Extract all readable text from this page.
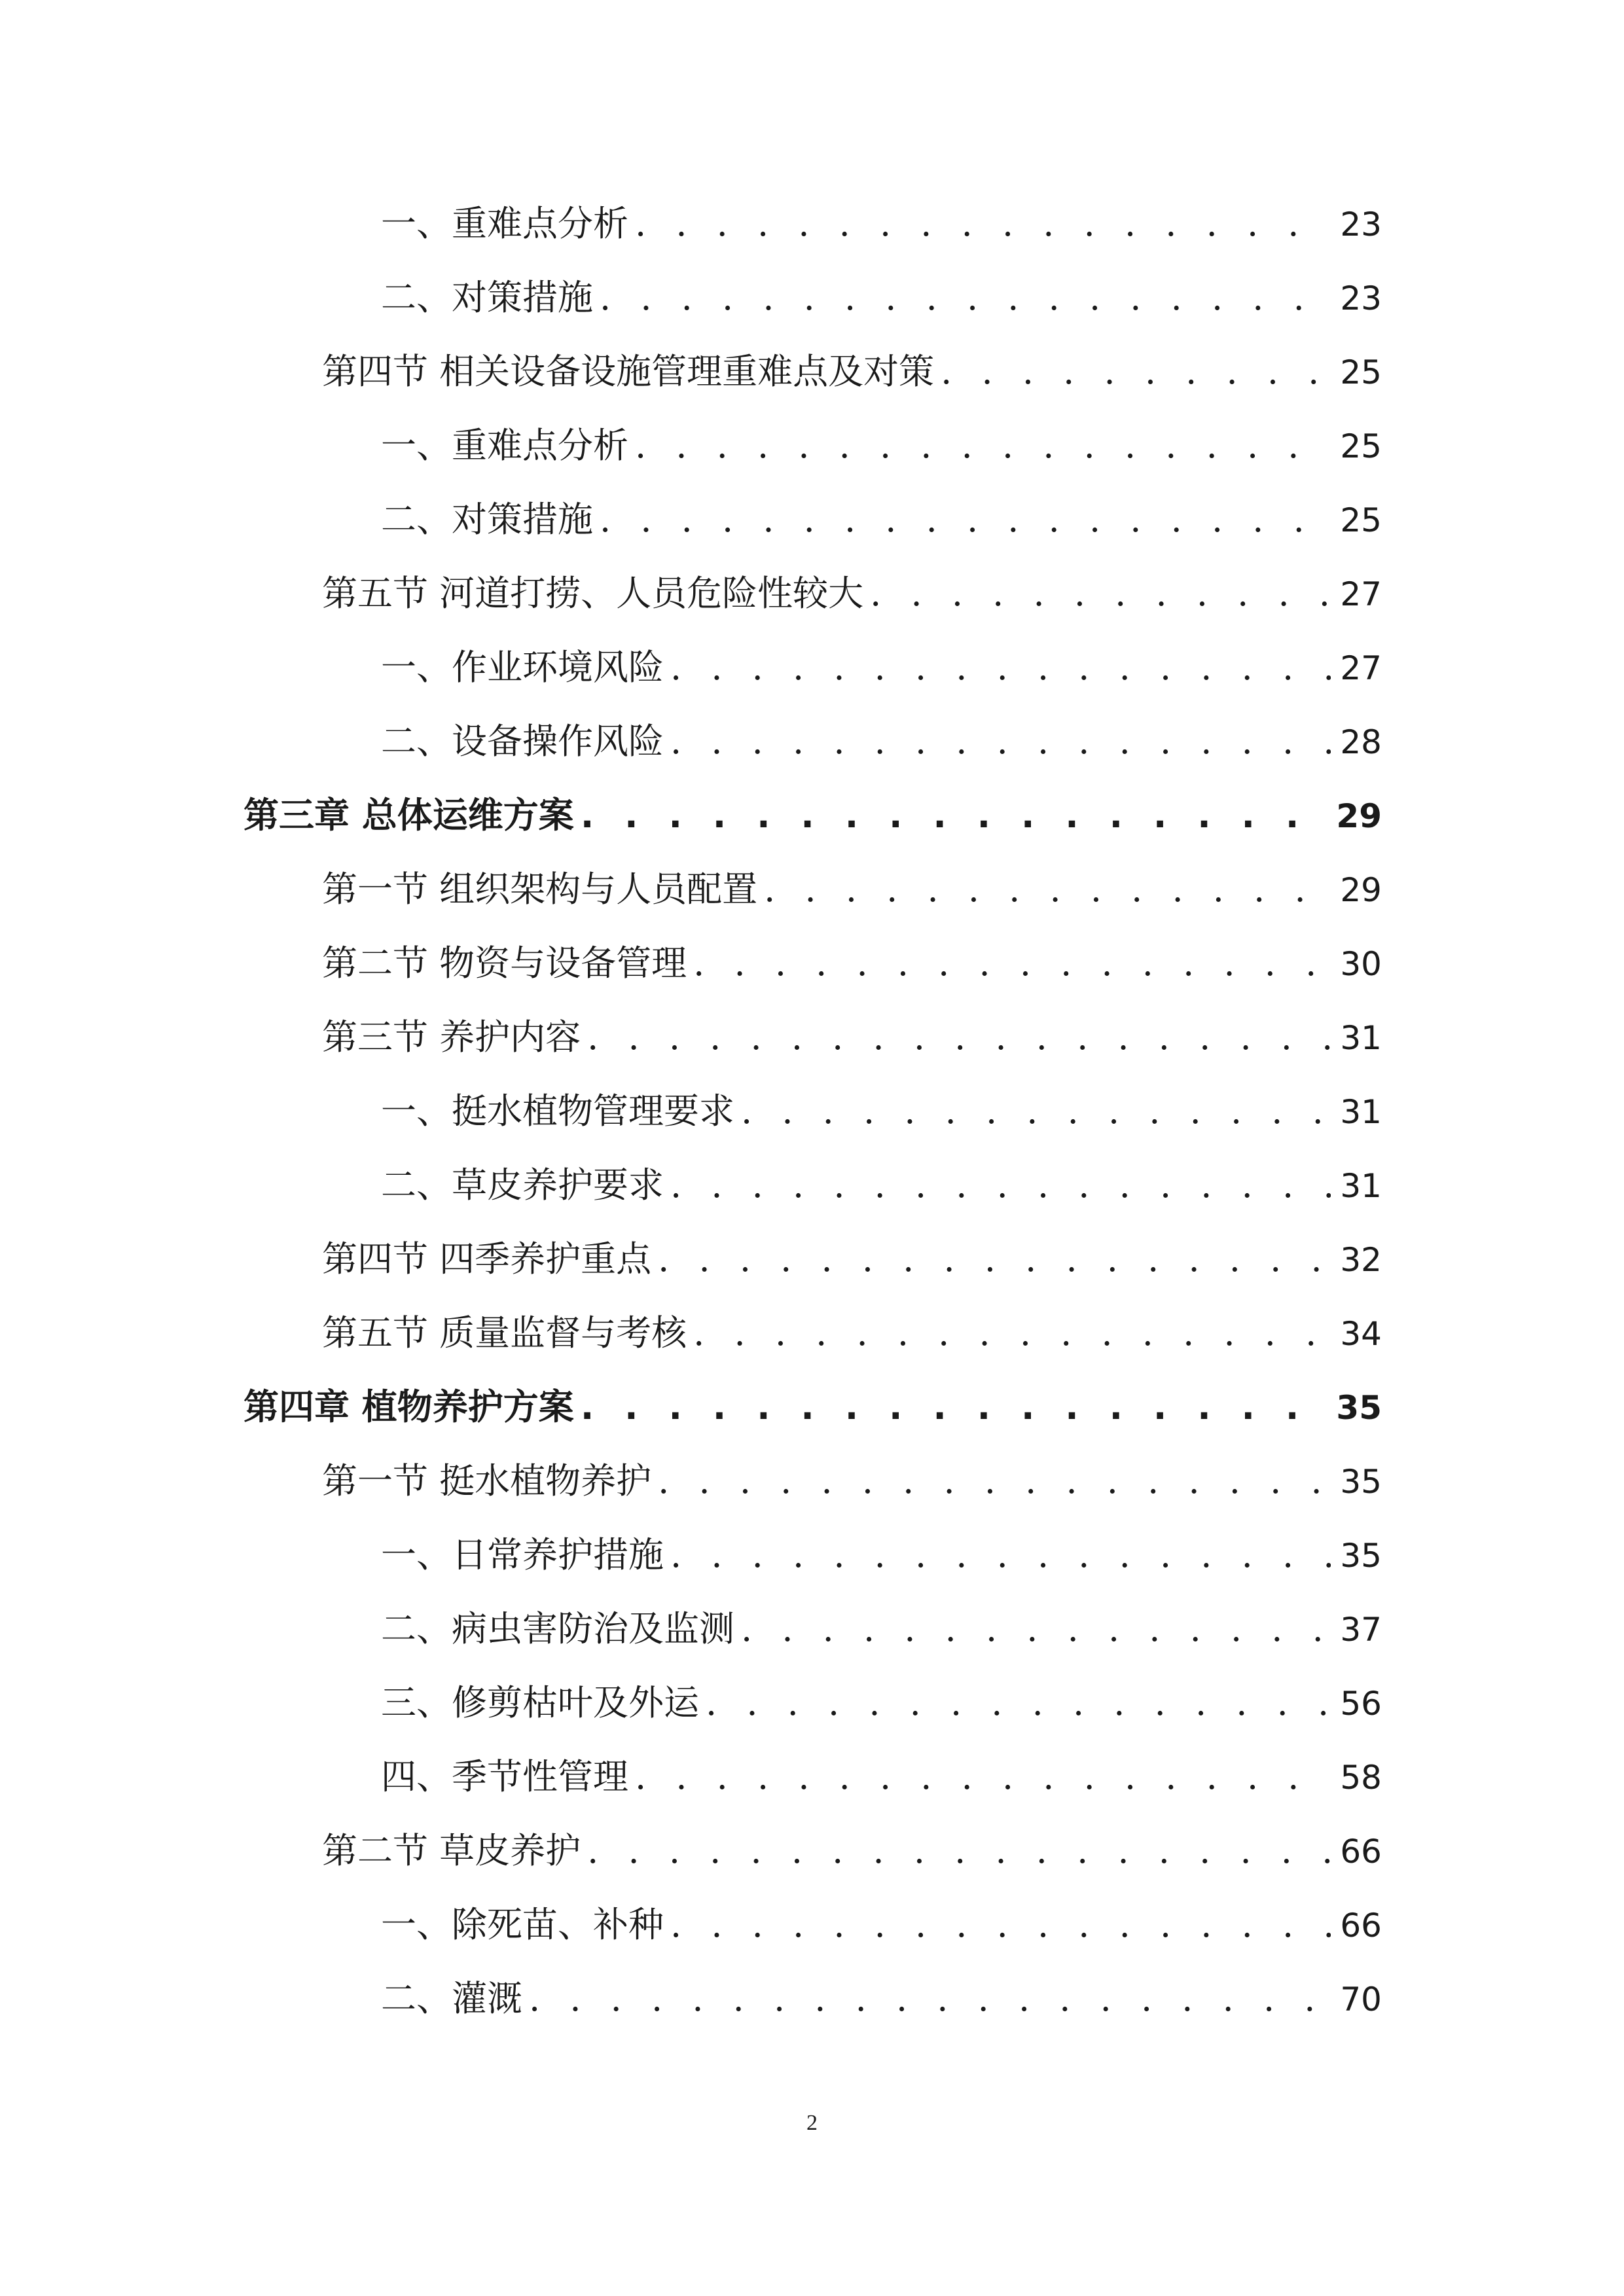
一、重难点分析 . . .	23
二、对策措施 . . .	23
第四节 相关设备设施管理重难点及对策 . . .	25
一、重难点分析 . . .	25
二、对策措施 . . .	25
第五节 河道打捞、人员危险性较大 . . .	27
一、作业环境风险 . . .	27
二、设备操作风险 . . .	28
第三章 总体运维方案 . . .	29
第一节 组织架构与人员配置 . . .	29
第二节 物资与设备管理 . . .	30
第三节 养护内容 . . .	31
一、挺水植物管理要求 . . .	31
二、草皮养护要求 . . .	31
第四节 四季养护重点 . . .	32
第五节 质量监督与考核 . . .	34
第四章 植物养护方案 . . .	35
第一节 挺水植物养护 . . .	35
一、日常养护措施 . . .	35
二、病虫害防治及监测 . . .	37
三、修剪枯叶及外运 . . .	56
四、季节性管理 . . .	58
第二节 草皮养护 . . .	66
一、除死苗、补种 . . .	66
二、灌溉 . . .	70
2
